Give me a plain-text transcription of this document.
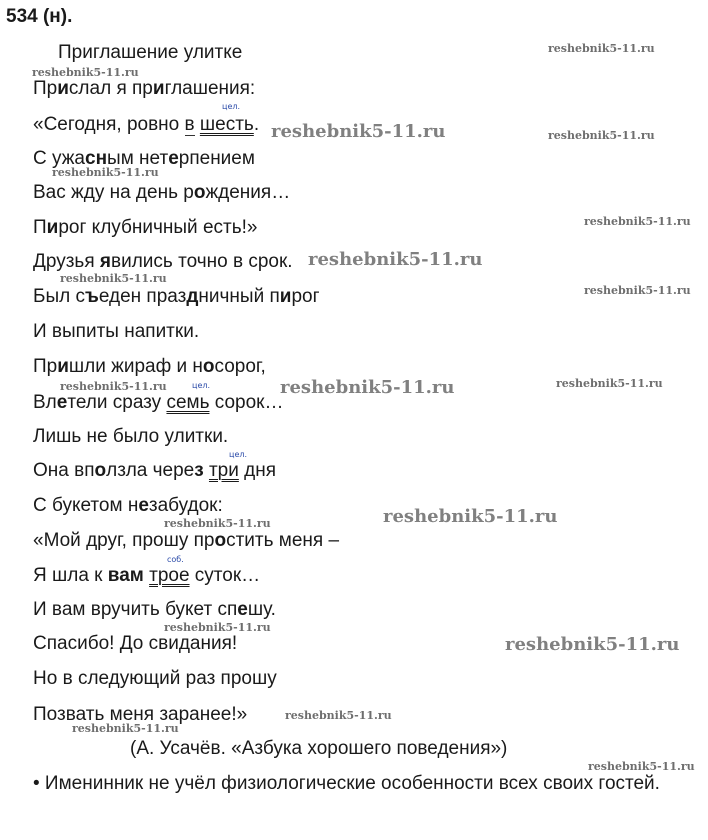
534 (н).
Приглашение улитке
Прислал я приглашения:
«Сегодня, ровно в шесть.
С ужасным нетерпением
Вас жду на день рождения…
Пирог клубничный есть!»
Друзья явились точно в срок.
Был съеден праздничный пирог
И выпиты напитки.
Пришли жираф и носорог,
Влетели сразу семь сорок…
Лишь не было улитки.
Она вползла через три дня
С букетом незабудок:
«Мой друг, прошу простить меня –
Я шла к вам трое суток…
И вам вручить букет спешу.
Спасибо! До свидания!
Но в следующий раз прошу
Позвать меня заранее!»
(А. Усачёв. «Азбука хорошего поведения»)
• Именинник не учёл физиологические особенности всех своих гостей.
цел.
цел.
цел.
соб.
reshebnik5-11.ru
reshebnik5-11.ru
reshebnik5-11.ru	reshebnik5-11.ru
reshebnik5-11.ru
reshebnik5-11.ru
reshebnik5-11.ru
reshebnik5-11.ru
reshebnik5-11.ru
reshebnik5-11.ru	reshebnik5-11.ru	reshebnik5-11.ru
reshebnik5-11.ru
reshebnik5-11.ru
reshebnik5-11.ru
reshebnik5-11.ru
reshebnik5-11.ru
reshebnik5-11.ru
reshebnik5-11.ru
